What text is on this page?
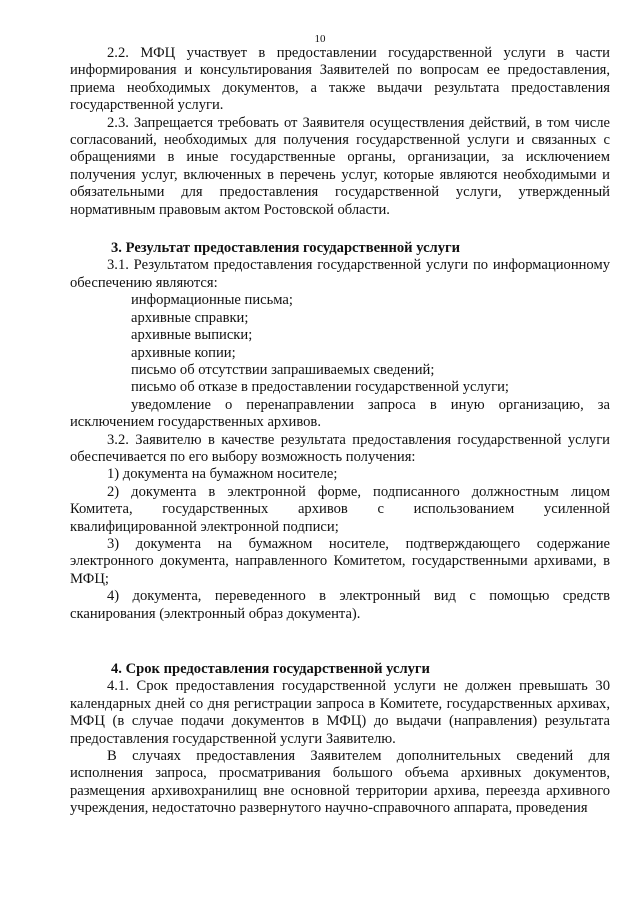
10

2.2. МФЦ участвует в предоставлении государственной услуги в части информирования и консультирования Заявителей по вопросам ее предоставления, приема необходимых документов, а также выдачи результата предоставления государственной услуги.

2.3. Запрещается требовать от Заявителя осуществления действий, в том числе согласований, необходимых для получения государственной услуги и связанных с обращениями в иные государственные органы, организации, за исключением получения услуг, включенных в перечень услуг, которые являются необходимыми и обязательными для предоставления государственной услуги, утвержденный нормативным правовым актом Ростовской области.

3. Результат предоставления государственной услуги

3.1. Результатом предоставления государственной услуги по информационному обеспечению являются:

информационные письма;

архивные справки;

архивные выписки;

архивные копии;

письмо об отсутствии запрашиваемых сведений;

письмо об отказе в предоставлении государственной услуги;

уведомление о перенаправлении запроса в иную организацию, за исключением государственных архивов.

3.2. Заявителю в качестве результата предоставления государственной услуги обеспечивается по его выбору возможность получения:

1) документа на бумажном носителе;

2) документа в электронной форме, подписанного должностным лицом Комитета, государственных архивов с использованием усиленной квалифицированной электронной подписи;

3) документа на бумажном носителе, подтверждающего содержание электронного документа, направленного Комитетом, государственными архивами, в МФЦ;

4) документа, переведенного в электронный вид с помощью средств сканирования (электронный образ документа).

4. Срок предоставления государственной услуги

4.1. Срок предоставления государственной услуги не должен превышать 30 календарных дней со дня регистрации запроса в Комитете, государственных архивах, МФЦ (в случае подачи документов в МФЦ) до выдачи (направления) результата предоставления государственной услуги Заявителю.

В случаях предоставления Заявителем дополнительных сведений для исполнения запроса, просматривания большого объема архивных документов, размещения архивохранилищ вне основной территории архива, переезда архивного учреждения, недостаточно развернутого научно-справочного аппарата, проведения
